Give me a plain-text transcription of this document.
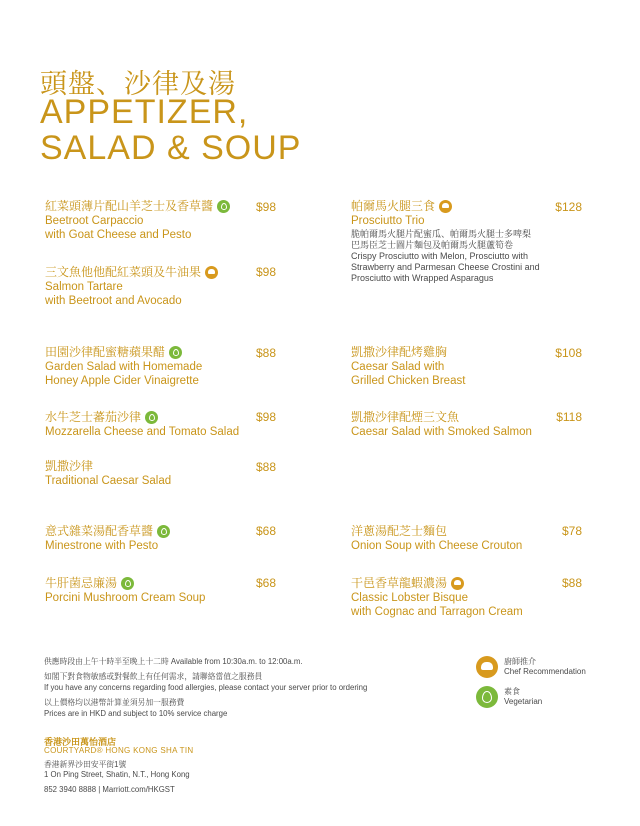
頭盤、沙律及湯
APPETIZER,
SALAD & SOUP
紅菜頭薄片配山羊芝士及香草醬
Beetroot Carpaccio
with Goat Cheese and Pesto
$98
三文魚他他配紅菜頭及牛油果
Salmon Tartare
with Beetroot and Avocado
$98
田園沙律配蜜糖蘋果醋
Garden Salad with Homemade
Honey Apple Cider Vinaigrette
$88
水牛芝士蕃茄沙律
Mozzarella Cheese and Tomato Salad
$98
凱撒沙律
Traditional Caesar Salad
$88
意式雜菜湯配香草醬
Minestrone with Pesto
$68
牛肝菌忌廉湯
Porcini Mushroom Cream Soup
$68
帕爾馬火腿三食
Prosciutto Trio
脆帕爾馬火腿片配蜜瓜、帕爾馬火腿士多啤梨
巴馬臣芝士圖片麵包及帕爾馬火腿蘆筍卷
Crispy Prosciutto with Melon, Prosciutto with
Strawberry and Parmesan Cheese Crostini and
Prosciutto with Wrapped Asparagus
$128
凱撒沙律配烤雞胸
Caesar Salad with
Grilled Chicken Breast
$108
凱撒沙律配煙三文魚
Caesar Salad with Smoked Salmon
$118
洋蔥湯配芝士麵包
Onion Soup with Cheese Crouton
$78
干邑香草龍蝦濃湯
Classic Lobster Bisque
with Cognac and Tarragon Cream
$88
供應時段由上午十時半至晚上十二時 Available from 10:30a.m. to 12:00a.m.
如閣下對食物敏感或對餐飲上有任何需求，請聯絡當值之服務員
If you have any concerns regarding food allergies, please contact your server prior to ordering
以上價格均以港幣計算並須另加一服務費
Prices are in HKD and subject to 10% service charge
香港沙田萬怡酒店
COURTYARD® HONG KONG SHA TIN
香港新界沙田安平街1號
1 On Ping Street, Shatin, N.T., Hong Kong
852 3940 8888 | Marriott.com/HKGST
廚師推介
Chef Recommendation
素食
Vegetarian
